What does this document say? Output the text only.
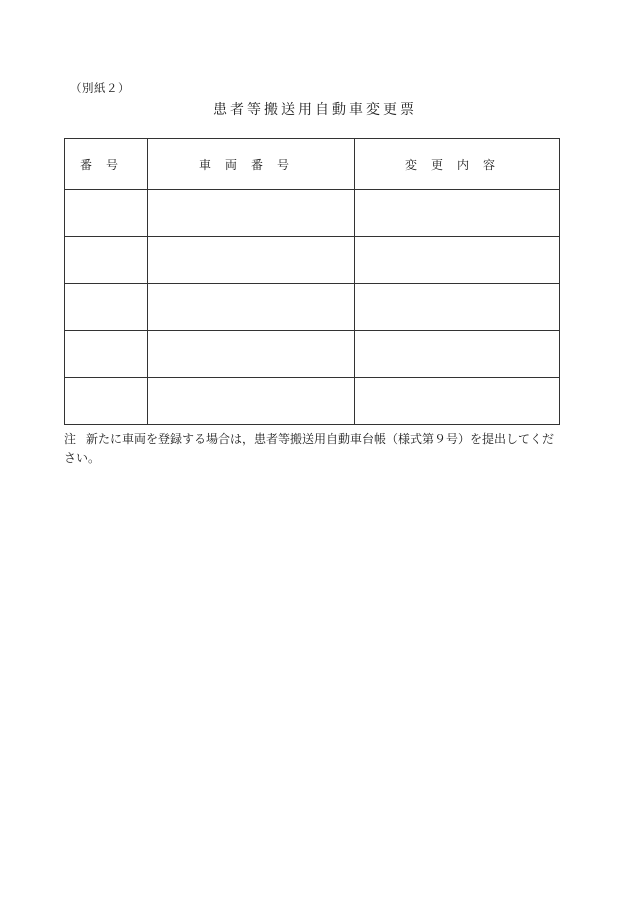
（別紙２）
患者等搬送用自動車変更票
番号	車両番号	変更内容

注 新たに車両を登録する場合は，患者等搬送用自動車台帳（様式第９号）を提出してください。
